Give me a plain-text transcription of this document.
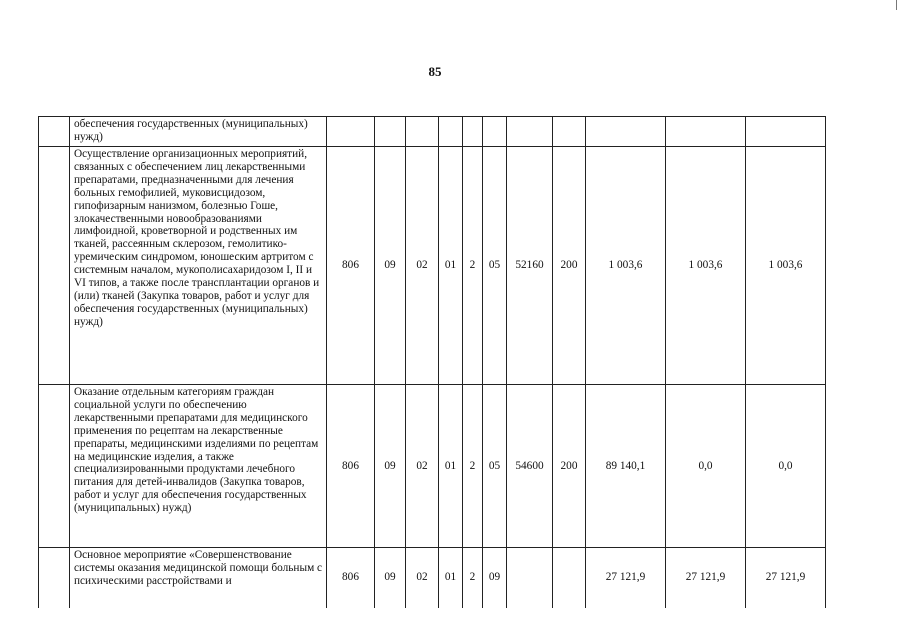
85
	обеспечения государственных (муниципальных) нужд)											
	Осуществление организационных мероприятий, связанных с обеспечением лиц лекарственными препаратами, предназначенными для лечения больных гемофилией, муковисцидозом, гипофизарным нанизмом, болезнью Гоше, злокачественными новообразованиями лимфоидной, кроветворной и родственных им тканей, рассеянным склерозом, гемолитико-уремическим синдромом, юношеским артритом с системным началом, мукополисахаридозом I, II и VI типов, а также после трансплантации органов и (или) тканей (Закупка товаров, работ и услуг для обеспечения государственных (муниципальных) нужд)	806	09	02	01	2	05	52160	200	1 003,6	1 003,6	1 003,6
	Оказание отдельным категориям граждан социальной услуги по обеспечению лекарственными препаратами для медицинского применения по рецептам на лекарственные препараты, медицинскими изделиями по рецептам на медицинские изделия, а также специализированными продуктами лечебного питания для детей-инвалидов (Закупка товаров, работ и услуг для обеспечения государственных (муниципальных) нужд)	806	09	02	01	2	05	54600	200	89 140,1	0,0	0,0
	Основное мероприятие «Совершенствование системы оказания медицинской помощи больным с психическими расстройствами и	806	09	02	01	2	09			27 121,9	27 121,9	27 121,9
